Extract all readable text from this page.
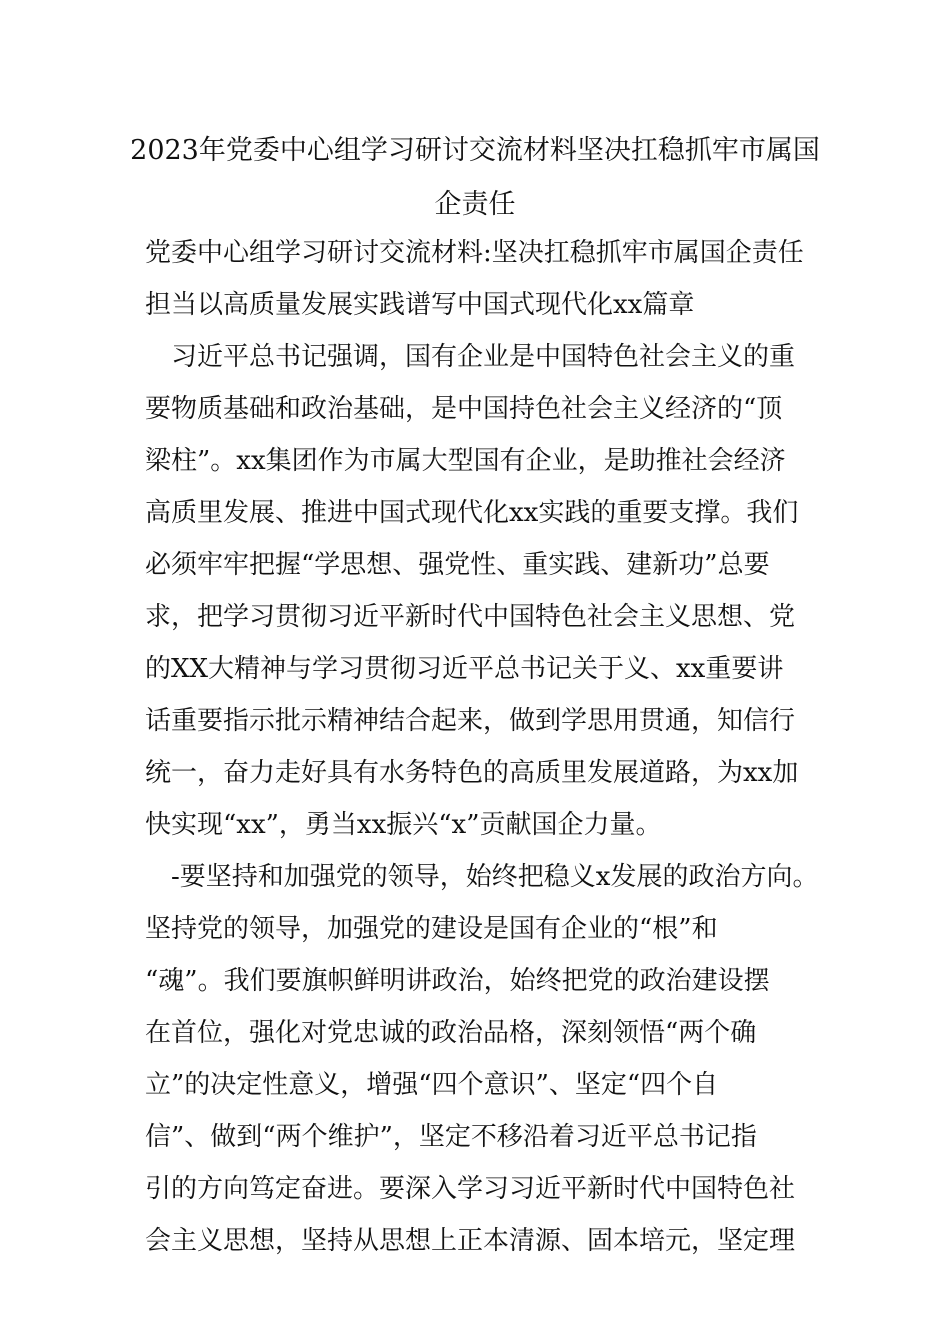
2023年党委中心组学习研讨交流材料坚决扛稳抓牢市属国
企责任

党委中心组学习研讨交流材料:坚决扛稳抓牢市属国企责任

担当以高质量发展实践谱写中国式现代化xx篇章

　习近平总书记强调，国有企业是中国特色社会主义的重

要物质基础和政治基础，是中国持色社会主义经济的“顶

梁柱”。xx集团作为市属大型国有企业，是助推社会经济

高质里发展、推进中国式现代化xx实践的重要支撑。我们

必须牢牢把握“学思想、强党性、重实践、建新功”总要

求，把学习贯彻习近平新时代中国特色社会主义思想、党

的XX大精神与学习贯彻习近平总书记关于义、xx重要讲

话重要指示批示精神结合起来，做到学思用贯通，知信行

统一，奋力走好具有水务特色的高质里发展道路，为xx加

快实现“xx”，勇当xx振兴“x”贡献国企力量。

　-要坚持和加强党的领导，始终把稳义x发展的政治方向。

坚持党的领导，加强党的建设是国有企业的“根”和

“魂”。我们要旗帜鲜明讲政治，始终把党的政治建设摆

在首位，强化对党忠诚的政治品格，深刻领悟“两个确

立”的决定性意义，增强“四个意识”、坚定“四个自

信”、做到“两个维护”，坚定不移沿着习近平总书记指

引的方向笃定奋进。要深入学习习近平新时代中国特色社

会主义思想，坚持从思想上正本清源、固本培元，坚定理
